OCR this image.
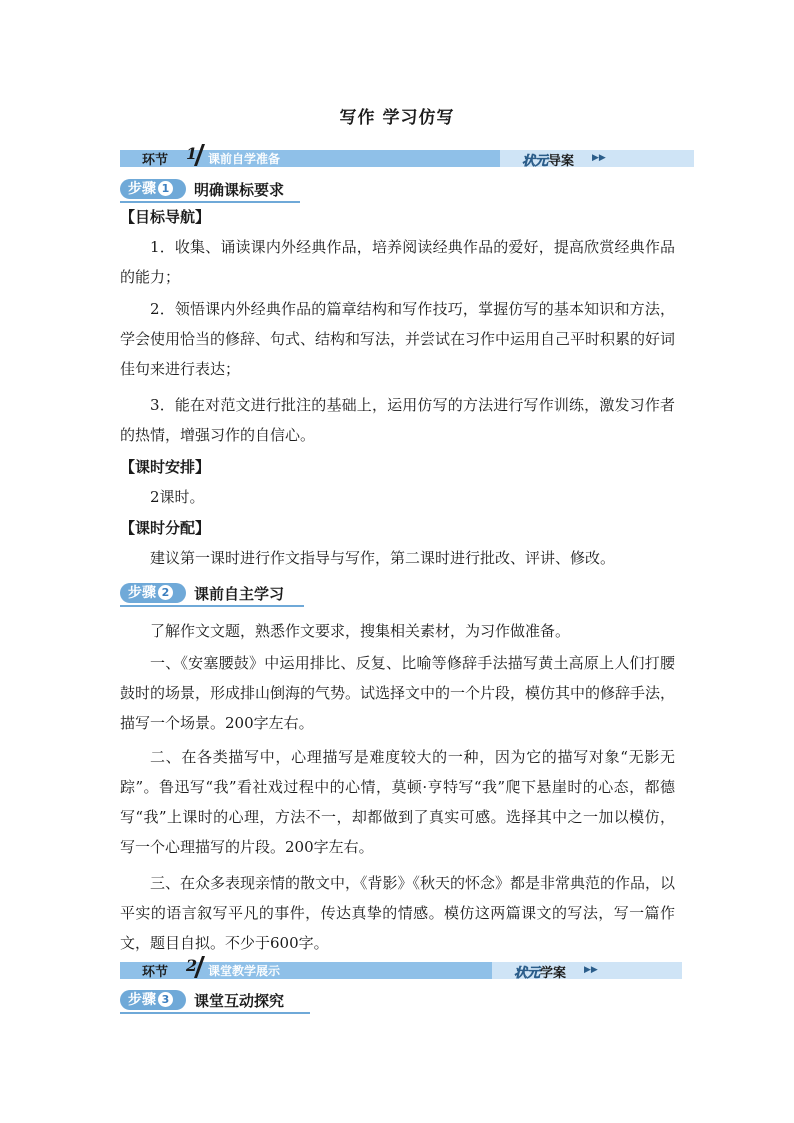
写作 学习仿写
环节 1 课前自学准备	状元导案 ▶▶
步骤 1	明确课标要求
【目标导航】
1．收集、诵读课内外经典作品，培养阅读经典作品的爱好，提高欣赏经典作品的能力；
2．领悟课内外经典作品的篇章结构和写作技巧，掌握仿写的基本知识和方法，学会使用恰当的修辞、句式、结构和写法，并尝试在习作中运用自己平时积累的好词佳句来进行表达；
3．能在对范文进行批注的基础上，运用仿写的方法进行写作训练，激发习作者的热情，增强习作的自信心。
【课时安排】
2课时。
【课时分配】
建议第一课时进行作文指导与写作，第二课时进行批改、评讲、修改。
步骤 2	课前自主学习
了解作文文题，熟悉作文要求，搜集相关素材，为习作做准备。
一、《安塞腰鼓》中运用排比、反复、比喻等修辞手法描写黄土高原上人们打腰鼓时的场景，形成排山倒海的气势。试选择文中的一个片段，模仿其中的修辞手法，描写一个场景。200字左右。
二、在各类描写中，心理描写是难度较大的一种，因为它的描写对象“无影无踪”。鲁迅写“我”看社戏过程中的心情，莫顿·亨特写“我”爬下悬崖时的心态，都德写“我”上课时的心理，方法不一，却都做到了真实可感。选择其中之一加以模仿，写一个心理描写的片段。200字左右。
三、在众多表现亲情的散文中，《背影》《秋天的怀念》都是非常典范的作品，以平实的语言叙写平凡的事件，传达真挚的情感。模仿这两篇课文的写法，写一篇作文，题目自拟。不少于600字。
环节 2 课堂教学展示	状元学案 ▶▶
步骤 3	课堂互动探究
